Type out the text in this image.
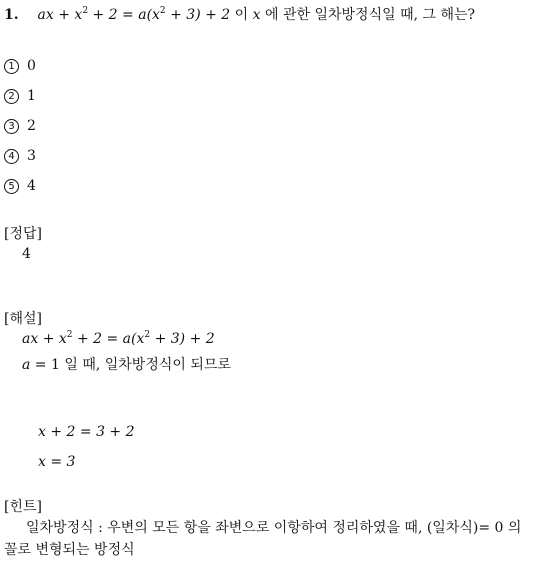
1. ax + $x^2 + 2 = a(x^2 + 3) + 2$ 이 x 에 관한 일차방정식일 때, 그 해는?
1 0
2 1
3 2
4 3
5 4
[정답]
4
[해설]
ax + $x^2 + 2 = a(x^2 + 3) + 2$
a = 1 일 때, 일차방정식이 되므로
x + 2 = 3 + 2
x = 3
[힌트]
일차방정식 : 우변의 모든 항을 좌변으로 이항하여 정리하였을 때, (일차식)= 0 의 꼴로 변형되는 방정식
